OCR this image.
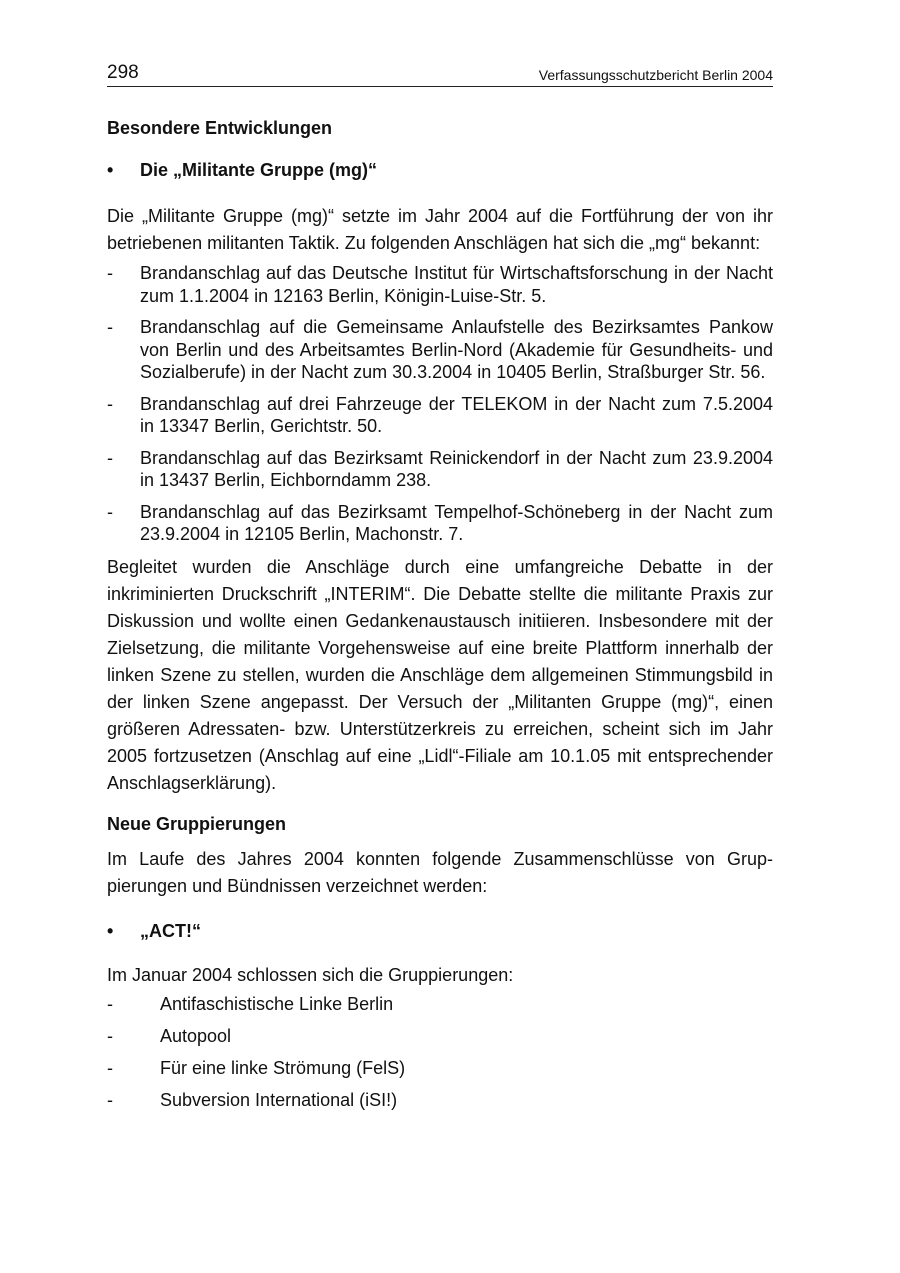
298	Verfassungsschutzbericht Berlin 2004
Besondere Entwicklungen
•	Die „Militante Gruppe (mg)“

Die „Militante Gruppe (mg)“ setzte im Jahr 2004 auf die Fortführung der von ihr betriebenen militanten Taktik. Zu folgenden Anschlägen hat sich die „mg“ bekannt:

-	Brandanschlag auf das Deutsche Institut für Wirtschaftsforschung in der Nacht zum 1.1.2004 in 12163 Berlin, Königin-Luise-Str. 5.
-	Brandanschlag auf die Gemeinsame Anlaufstelle des Bezirksamtes Pankow von Berlin und des Arbeitsamtes Berlin-Nord (Akademie für Gesundheits- und Sozialberufe) in der Nacht zum 30.3.2004 in 10405 Berlin, Straßburger Str. 56.
-	Brandanschlag auf drei Fahrzeuge der TELEKOM in der Nacht zum 7.5.2004 in 13347 Berlin, Gerichtstr. 50.
-	Brandanschlag auf das Bezirksamt Reinickendorf in der Nacht zum 23.9.2004 in 13437 Berlin, Eichborndamm 238.
-	Brandanschlag auf das Bezirksamt Tempelhof-Schöneberg in der Nacht zum 23.9.2004 in 12105 Berlin, Machonstr. 7.

Begleitet wurden die Anschläge durch eine umfangreiche Debatte in der inkriminierten Druckschrift „INTERIM“. Die Debatte stellte die militante Praxis zur Diskussion und wollte einen Gedankenaustausch initiieren. Insbesondere mit der Zielsetzung, die militante Vorgehensweise auf eine breite Plattform innerhalb der linken Szene zu stellen, wurden die Anschläge dem allgemeinen Stimmungsbild in der linken Szene angepasst. Der Versuch der „Militanten Gruppe (mg)“, einen größeren Adressaten- bzw. Unterstützerkreis zu erreichen, scheint sich im Jahr 2005 fortzusetzen (Anschlag auf eine „Lidl“-Filiale am 10.1.05 mit entsprechender Anschlagserklärung).

Neue Gruppierungen

Im Laufe des Jahres 2004 konnten folgende Zusammenschlüsse von Gruppierungen und Bündnissen verzeichnet werden:

•	„ACT!“

Im Januar 2004 schlossen sich die Gruppierungen:

-	Antifaschistische Linke Berlin
-	Autopool
-	Für eine linke Strömung (FelS)
-	Subversion International (iSI!)
